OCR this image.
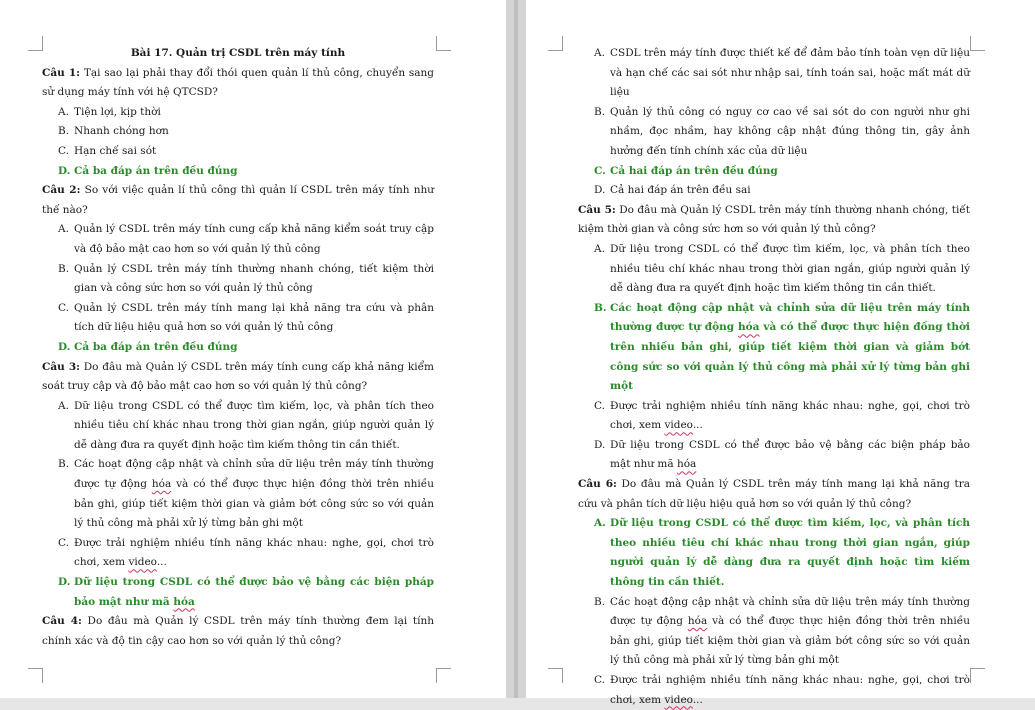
Bài 17. Quản trị CSDL trên máy tính

Câu 1: Tại sao lại phải thay đổi thói quen quản lí thủ công, chuyển sang sử dụng máy tính với hệ QTCSD?

A. Tiện lợi, kịp thời

B. Nhanh chóng hơn

C. Hạn chế sai sót

D. Cả ba đáp án trên đều đúng

Câu 2: So với việc quản lí thủ công thì quản lí CSDL trên máy tính như thế nào?

A. Quản lý CSDL trên máy tính cung cấp khả năng kiểm soát truy cập và độ bảo mật cao hơn so với quản lý thủ công

B. Quản lý CSDL trên máy tính thường nhanh chóng, tiết kiệm thời gian và công sức hơn so với quản lý thủ công

C. Quản lý CSDL trên máy tính mang lại khả năng tra cứu và phân tích dữ liệu hiệu quả hơn so với quản lý thủ công

D. Cả ba đáp án trên đều đúng

Câu 3: Do đâu mà Quản lý CSDL trên máy tính cung cấp khả năng kiểm soát truy cập và độ bảo mật cao hơn so với quản lý thủ công?

A. Dữ liệu trong CSDL có thể được tìm kiếm, lọc, và phân tích theo nhiều tiêu chí khác nhau trong thời gian ngắn, giúp người quản lý dễ dàng đưa ra quyết định hoặc tìm kiếm thông tin cần thiết.

B. Các hoạt động cập nhật và chỉnh sửa dữ liệu trên máy tính thường được tự động hóa và có thể được thực hiện đồng thời trên nhiều bản ghi, giúp tiết kiệm thời gian và giảm bớt công sức so với quản lý thủ công mà phải xử lý từng bản ghi một

C. Được trải nghiệm nhiều tính năng khác nhau: nghe, gọi, chơi trò chơi, xem video...

D. Dữ liệu trong CSDL có thể được bảo vệ bằng các biện pháp bảo mật như mã hóa

Câu 4: Do đâu mà Quản lý CSDL trên máy tính thường đem lại tính chính xác và độ tin cậy cao hơn so với quản lý thủ công?

A. CSDL trên máy tính được thiết kế để đảm bảo tính toàn vẹn dữ liệu và hạn chế các sai sót như nhập sai, tính toán sai, hoặc mất mát dữ liệu

B. Quản lý thủ công có nguy cơ cao về sai sót do con người như ghi nhầm, đọc nhầm, hay không cập nhật đúng thông tin, gây ảnh hưởng đến tính chính xác của dữ liệu

C. Cả hai đáp án trên đều đúng

D. Cả hai đáp án trên đều sai

Câu 5: Do đâu mà Quản lý CSDL trên máy tính thường nhanh chóng, tiết kiệm thời gian và công sức hơn so với quản lý thủ công?

A. Dữ liệu trong CSDL có thể được tìm kiếm, lọc, và phân tích theo nhiều tiêu chí khác nhau trong thời gian ngắn, giúp người quản lý dễ dàng đưa ra quyết định hoặc tìm kiếm thông tin cần thiết.

B. Các hoạt động cập nhật và chỉnh sửa dữ liệu trên máy tính thường được tự động hóa và có thể được thực hiện đồng thời trên nhiều bản ghi, giúp tiết kiệm thời gian và giảm bớt công sức so với quản lý thủ công mà phải xử lý từng bản ghi một

C. Được trải nghiệm nhiều tính năng khác nhau: nghe, gọi, chơi trò chơi, xem video...

D. Dữ liệu trong CSDL có thể được bảo vệ bằng các biện pháp bảo mật như mã hóa

Câu 6: Do đâu mà Quản lý CSDL trên máy tính mang lại khả năng tra cứu và phân tích dữ liệu hiệu quả hơn so với quản lý thủ công?

A. Dữ liệu trong CSDL có thể được tìm kiếm, lọc, và phân tích theo nhiều tiêu chí khác nhau trong thời gian ngắn, giúp người quản lý dễ dàng đưa ra quyết định hoặc tìm kiếm thông tin cần thiết.

B. Các hoạt động cập nhật và chỉnh sửa dữ liệu trên máy tính thường được tự động hóa và có thể được thực hiện đồng thời trên nhiều bản ghi, giúp tiết kiệm thời gian và giảm bớt công sức so với quản lý thủ công mà phải xử lý từng bản ghi một

C. Được trải nghiệm nhiều tính năng khác nhau: nghe, gọi, chơi trò chơi, xem video...
